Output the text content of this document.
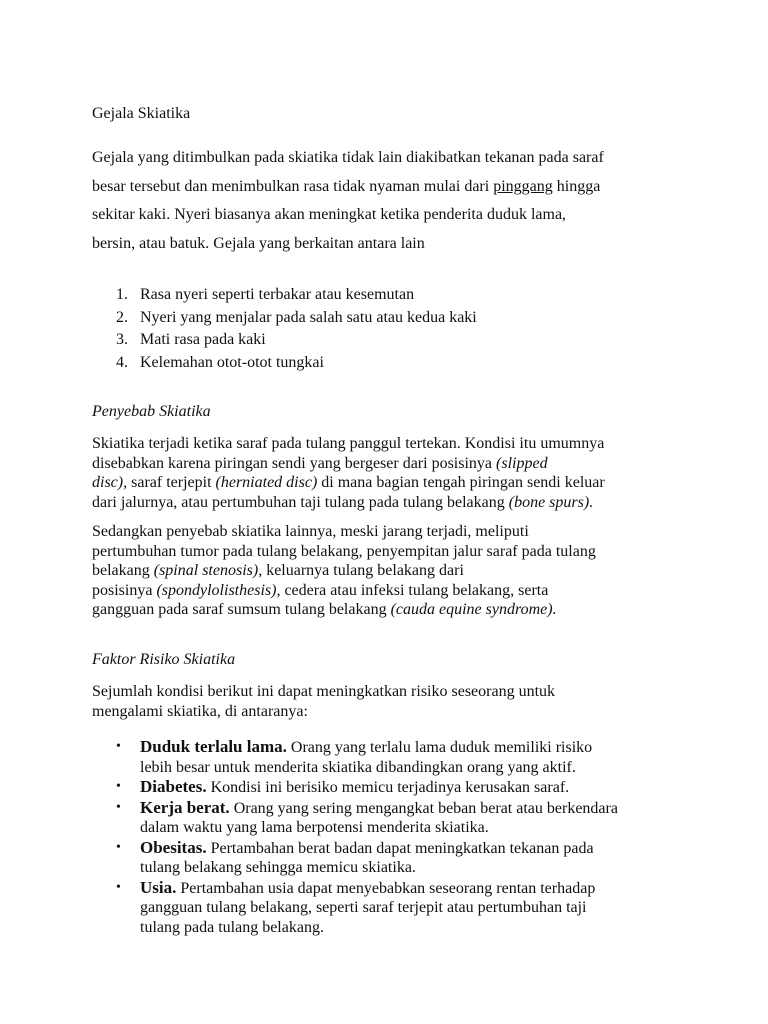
Gejala Skiatika
Gejala yang ditimbulkan pada skiatika tidak lain diakibatkan tekanan pada saraf
besar tersebut dan menimbulkan rasa tidak nyaman mulai dari pinggang hingga
sekitar kaki. Nyeri biasanya akan meningkat ketika penderita duduk lama,
bersin, atau batuk. Gejala yang berkaitan antara lain
1. Rasa nyeri seperti terbakar atau kesemutan
2. Nyeri yang menjalar pada salah satu atau kedua kaki
3. Mati rasa pada kaki
4. Kelemahan otot-otot tungkai
Penyebab Skiatika

Skiatika terjadi ketika saraf pada tulang panggul tertekan. Kondisi itu umumnya
disebabkan karena piringan sendi yang bergeser dari posisinya (slipped
disc), saraf terjepit (herniated disc) di mana bagian tengah piringan sendi keluar
dari jalurnya, atau pertumbuhan taji tulang pada tulang belakang (bone spurs).

Sedangkan penyebab skiatika lainnya, meski jarang terjadi, meliputi
pertumbuhan tumor pada tulang belakang, penyempitan jalur saraf pada tulang
belakang (spinal stenosis), keluarnya tulang belakang dari
posisinya (spondylolisthesis), cedera atau infeksi tulang belakang, serta
gangguan pada saraf sumsum tulang belakang (cauda equine syndrome).

Faktor Risiko Skiatika

Sejumlah kondisi berikut ini dapat meningkatkan risiko seseorang untuk
mengalami skiatika, di antaranya:

• Duduk terlalu lama. Orang yang terlalu lama duduk memiliki risiko
lebih besar untuk menderita skiatika dibandingkan orang yang aktif.
• Diabetes. Kondisi ini berisiko memicu terjadinya kerusakan saraf.
• Kerja berat. Orang yang sering mengangkat beban berat atau berkendara
dalam waktu yang lama berpotensi menderita skiatika.
• Obesitas. Pertambahan berat badan dapat meningkatkan tekanan pada
tulang belakang sehingga memicu skiatika.
• Usia. Pertambahan usia dapat menyebabkan seseorang rentan terhadap
gangguan tulang belakang, seperti saraf terjepit atau pertumbuhan taji
tulang pada tulang belakang.
